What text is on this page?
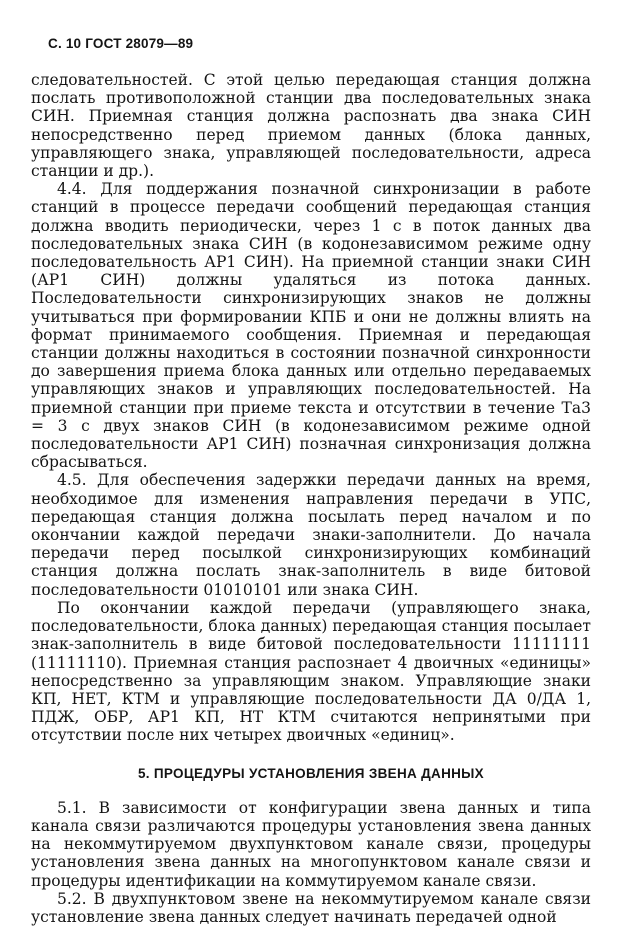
С. 10 ГОСТ 28079—89

следовательностей. С этой целью передающая станция должна послать противоположной станции два последовательных знака СИН. Приемная станция должна распознать два знака СИН непосредственно перед приемом данных (блока данных, управляющего знака, управляющей последовательности, адреса станции и др.).

4.4. Для поддержания позначной синхронизации в работе станций в процессе передачи сообщений передающая станция должна вводить периодически, через 1 с в поток данных два последовательных знака СИН (в кодонезависимом режиме одну последовательность АР1 СИН). На приемной станции знаки СИН (АР1 СИН) должны удаляться из потока данных. Последовательности синхронизирующих знаков не должны учитываться при формировании КПБ и они не должны влиять на формат принимаемого сообщения. Приемная и передающая станции должны находиться в состоянии позначной синхронности до завершения приема блока данных или отдельно передаваемых управляющих знаков и управляющих последовательностей. На приемной станции при приеме текста и отсутствии в течение Та3 = 3 с двух знаков СИН (в кодонезависимом режиме одной последовательности АР1 СИН) позначная синхронизация должна сбрасываться.

4.5. Для обеспечения задержки передачи данных на время, необходимое для изменения направления передачи в УПС, передающая станция должна посылать перед началом и по окончании каждой передачи знаки-заполнители. До начала передачи перед посылкой синхронизирующих комбинаций станция должна послать знак-заполнитель в виде битовой последовательности 01010101 или знака СИН.

По окончании каждой передачи (управляющего знака, последовательности, блока данных) передающая станция посылает знак-заполнитель в виде битовой последовательности 11111111 (11111110). Приемная станция распознает 4 двоичных «единицы» непосредственно за управляющим знаком. Управляющие знаки КП, НЕТ, КТМ и управляющие последовательности ДА 0/ДА 1, ПДЖ, ОБР, АР1 КП, НТ КТМ считаются непринятыми при отсутствии после них четырех двоичных «единиц».

5. ПРОЦЕДУРЫ УСТАНОВЛЕНИЯ ЗВЕНА ДАННЫХ

5.1. В зависимости от конфигурации звена данных и типа канала связи различаются процедуры установления звена данных на некоммутируемом двухпунктовом канале связи, процедуры установления звена данных на многопунктовом канале связи и процедуры идентификации на коммутируемом канале связи.

5.2. В двухпунктовом звене на некоммутируемом канале связи установление звена данных следует начинать передачей одной
